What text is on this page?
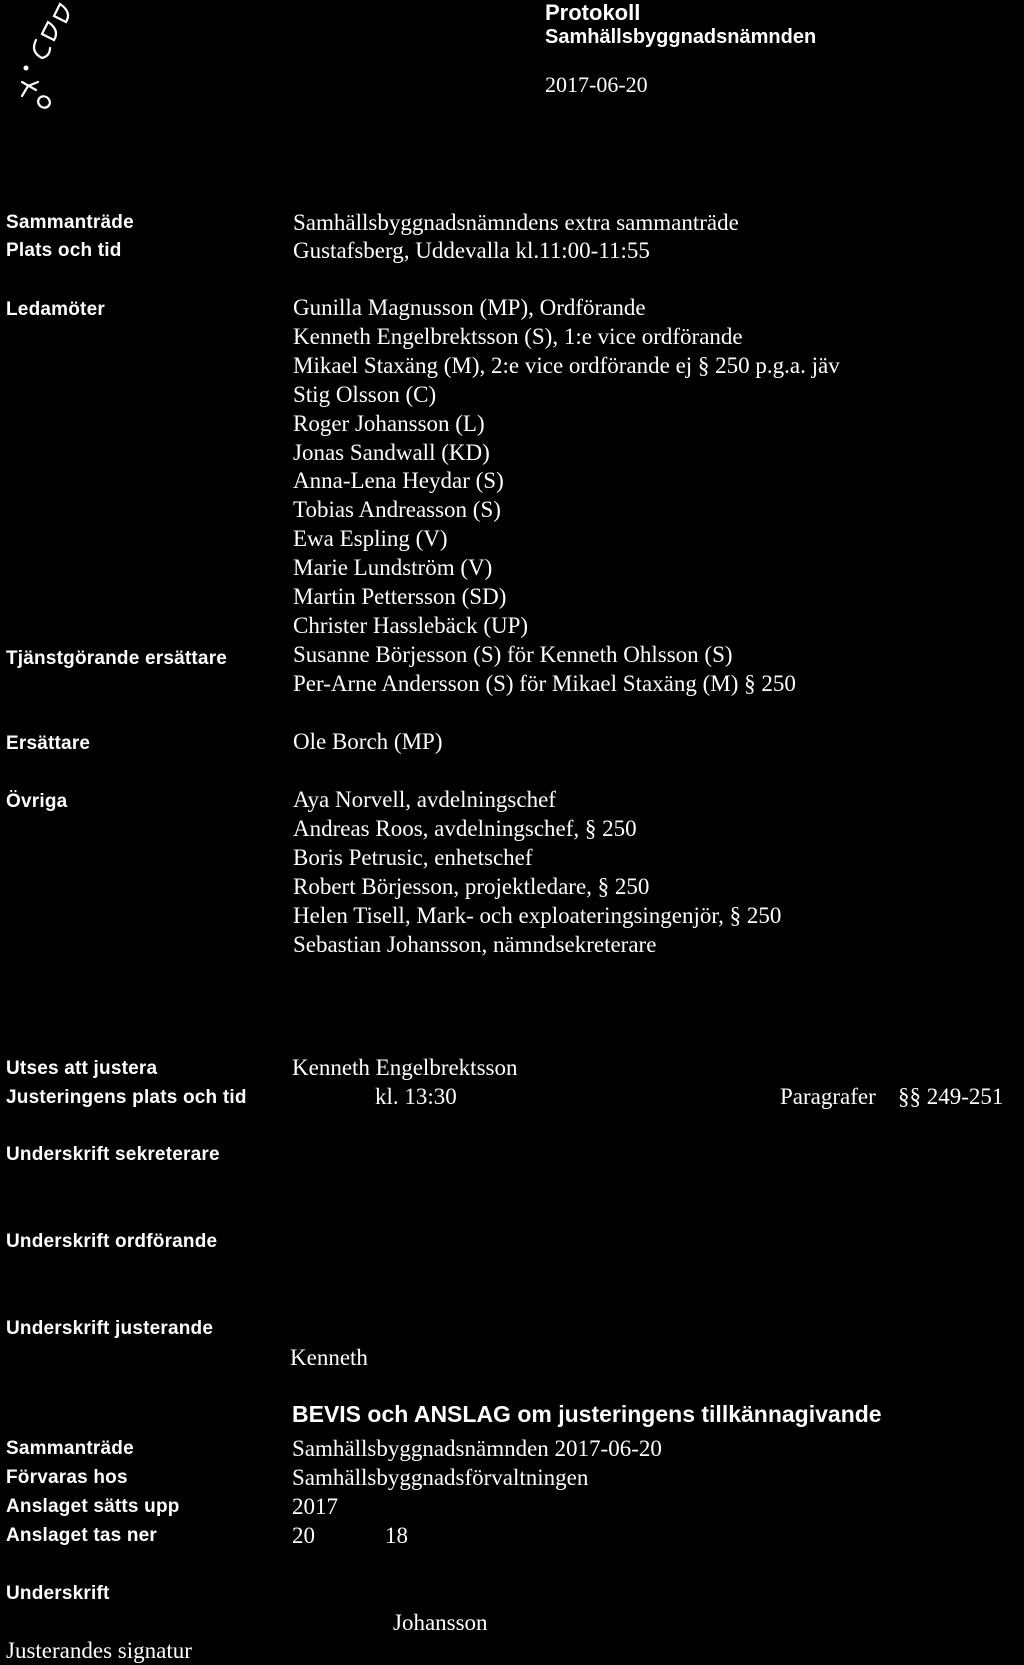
Protokoll
Samhällsbyggnadsnämnden
2017-06-20
Sammanträde	Samhällsbyggnadsnämndens extra sammanträde
Plats och tid	Gustafsberg, Uddevalla kl.11:00-11:55
Ledamöter	Gunilla Magnusson (MP), Ordförande
Kenneth Engelbrektsson (S), 1:e vice ordförande
Mikael Staxäng (M), 2:e vice ordförande ej § 250 p.g.a. jäv
Stig Olsson (C)
Roger Johansson (L)
Jonas Sandwall (KD)
Anna-Lena Heydar (S)
Tobias Andreasson (S)
Ewa Espling (V)
Marie Lundström (V)
Martin Pettersson (SD)
Christer Hasslebäck (UP)
Tjänstgörande ersättare	Susanne Börjesson (S) för Kenneth Ohlsson (S)
Per-Arne Andersson (S) för Mikael Staxäng (M) § 250
Ersättare	Ole Borch (MP)
Övriga	Aya Norvell, avdelningschef
Andreas Roos, avdelningschef, § 250
Boris Petrusic, enhetschef
Robert Börjesson, projektledare, § 250
Helen Tisell, Mark- och exploateringsingenjör, § 250
Sebastian Johansson, nämndsekreterare
Utses att justera	Kenneth Engelbrektsson
Justeringens plats och tid	kl. 13:30	Paragrafer §§ 249-251
Underskrift sekreterare
Underskrift ordförande
Underskrift justerande
Kenneth
BEVIS och ANSLAG om justeringens tillkännagivande
Sammanträde	Samhällsbyggnadsnämnden 2017-06-20
Förvaras hos	Samhällsbyggnadsförvaltningen
Anslaget sätts upp	2017
Anslaget tas ner	20	18
Underskrift
Johansson
Justerandes signatur
